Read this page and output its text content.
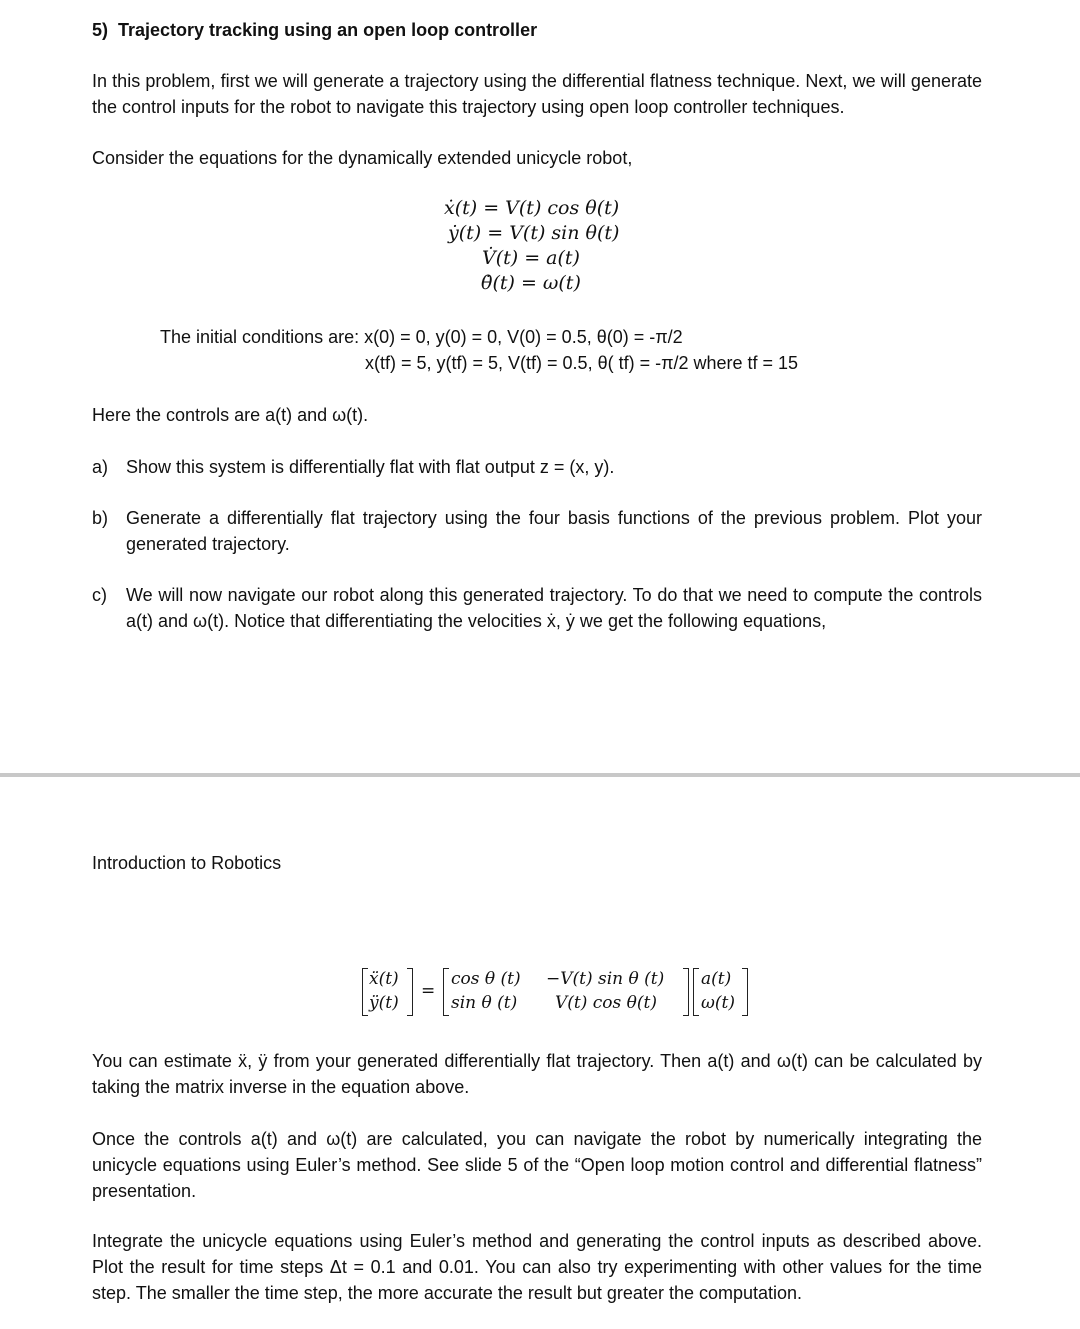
5)  Trajectory tracking using an open loop controller
In this problem, first we will generate a trajectory using the differential flatness technique. Next, we will generate the control inputs for the robot to navigate this trajectory using open loop controller techniques.
Consider the equations for the dynamically extended unicycle robot,
ẋ(t) = V(t) cos θ(t)
ẏ(t) = V(t) sin θ(t)
V̇(t) = a(t)
θ̇(t) = ω(t)
The initial conditions are: x(0) = 0, y(0) = 0, V(0) = 0.5, θ(0) = -π/2
x(tf) = 5, y(tf) = 5, V(tf) = 0.5, θ( tf) = -π/2 where tf = 15
Here the controls are a(t) and ω(t).
a) Show this system is differentially flat with flat output z = (x, y).
b) Generate a differentially flat trajectory using the four basis functions of the previous problem. Plot your generated trajectory.
c) We will now navigate our robot along this generated trajectory. To do that we need to compute the controls a(t) and ω(t). Notice that differentiating the velocities ẋ, ẏ we get the following equations,
Introduction to Robotics
ẍ(t)
ÿ(t)
=
cos θ (t) −V(t) sin θ (t)
sin θ (t) V(t) cos θ(t)
a(t)
ω(t)
You can estimate ẍ, ÿ from your generated differentially flat trajectory. Then a(t) and ω(t) can be calculated by taking the matrix inverse in the equation above.
Once the controls a(t) and ω(t) are calculated, you can navigate the robot by numerically integrating the unicycle equations using Euler’s method. See slide 5 of the “Open loop motion control and differential flatness” presentation.
Integrate the unicycle equations using Euler’s method and generating the control inputs as described above. Plot the result for time steps Δt = 0.1 and 0.01. You can also try experimenting with other values for the time step. The smaller the time step, the more accurate the result but greater the computation.
